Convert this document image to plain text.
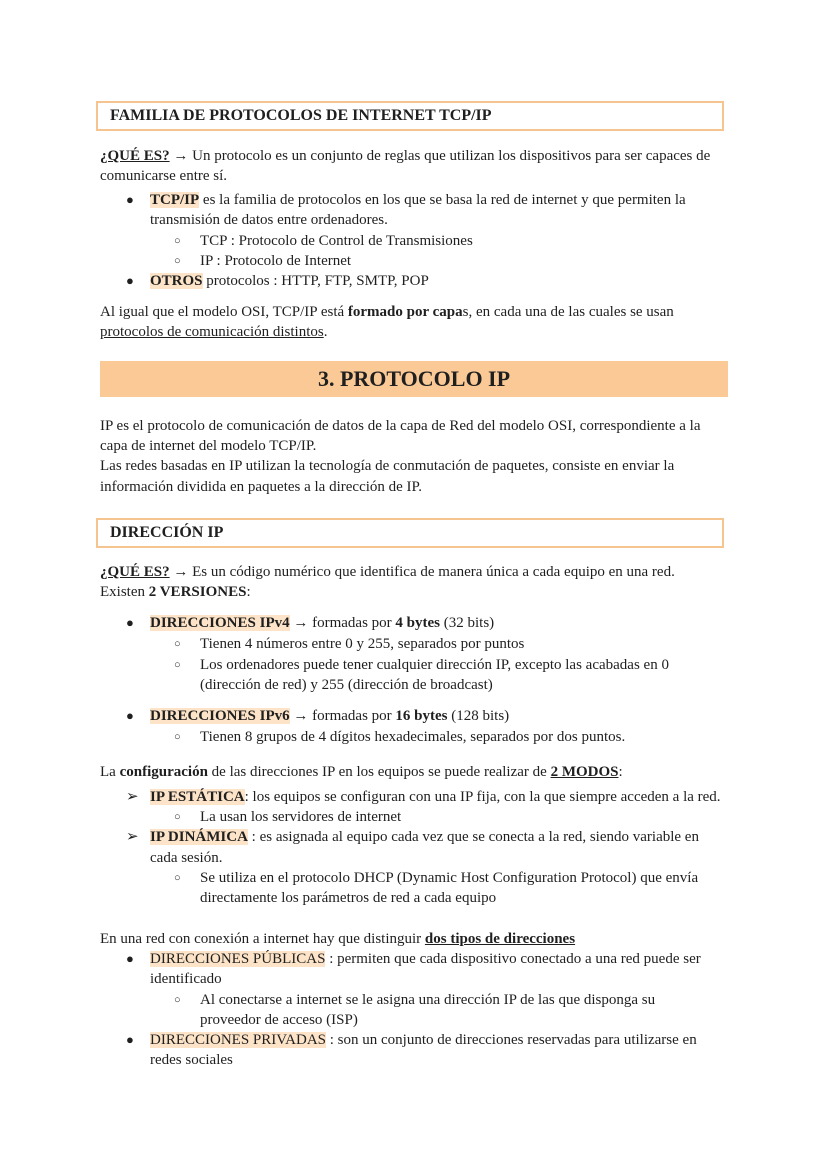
FAMILIA DE PROTOCOLOS DE INTERNET TCP/IP

¿QUÉ ES? → Un protocolo es un conjunto de reglas que utilizan los dispositivos para ser capaces de

comunicarse entre sí.

● TCP/IP es la familia de protocolos en los que se basa la red de internet y que permiten la

transmisión de datos entre ordenadores.

○ TCP : Protocolo de Control de Transmisiones

○ IP : Protocolo de Internet

● OTROS protocolos : HTTP, FTP, SMTP, POP

Al igual que el modelo OSI, TCP/IP está formado por capas, en cada una de las cuales se usan

protocolos de comunicación distintos.

3. PROTOCOLO IP

IP es el protocolo de comunicación de datos de la capa de Red del modelo OSI, correspondiente a la

capa de internet del modelo TCP/IP.

Las redes basadas en IP utilizan la tecnología de conmutación de paquetes, consiste en enviar la

información dividida en paquetes a la dirección de IP.

DIRECCIÓN IP

¿QUÉ ES? → Es un código numérico que identifica de manera única a cada equipo en una red.

Existen 2 VERSIONES:

● DIRECCIONES IPv4 → formadas por 4 bytes (32 bits)

○ Tienen 4 números entre 0 y 255, separados por puntos

○ Los ordenadores puede tener cualquier dirección IP, excepto las acabadas en 0

(dirección de red) y 255 (dirección de broadcast)

● DIRECCIONES IPv6 → formadas por 16 bytes (128 bits)

○ Tienen 8 grupos de 4 dígitos hexadecimales, separados por dos puntos.

La configuración de las direcciones IP en los equipos se puede realizar de 2 MODOS:

➢ IP ESTÁTICA: los equipos se configuran con una IP fija, con la que siempre acceden a la red.

○ La usan los servidores de internet

➢ IP DINÁMICA : es asignada al equipo cada vez que se conecta a la red, siendo variable en

cada sesión.

○ Se utiliza en el protocolo DHCP (Dynamic Host Configuration Protocol) que envía

directamente los parámetros de red a cada equipo

En una red con conexión a internet hay que distinguir dos tipos de direcciones

● DIRECCIONES PÚBLICAS : permiten que cada dispositivo conectado a una red puede ser

identificado

○ Al conectarse a internet se le asigna una dirección IP de las que disponga su

proveedor de acceso (ISP)

● DIRECCIONES PRIVADAS : son un conjunto de direcciones reservadas para utilizarse en

redes sociales
